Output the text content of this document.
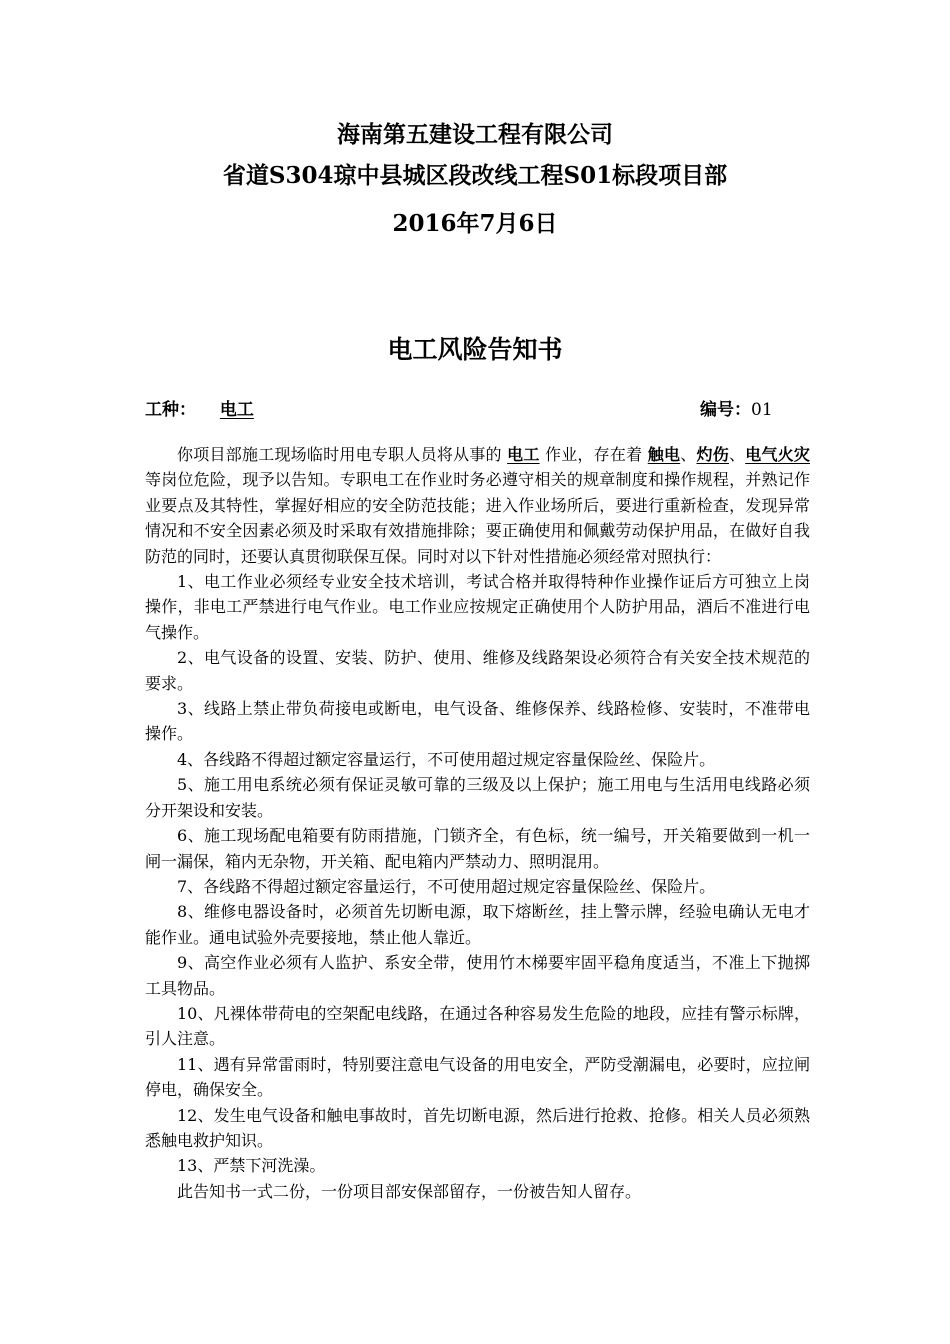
海南第五建设工程有限公司
省道S304琼中县城区段改线工程S01标段项目部
2016年7月6日
电工风险告知书
工种： 电工	编号：01

你项目部施工现场临时用电专职人员将从事的 电工 作业，存在着 触电、灼伤、电气火灾 等岗位危险，现予以告知。专职电工在作业时务必遵守相关的规章制度和操作规程，并熟记作业要点及其特性，掌握好相应的安全防范技能；进入作业场所后，要进行重新检查，发现异常情况和不安全因素必须及时采取有效措施排除；要正确使用和佩戴劳动保护用品，在做好自我防范的同时，还要认真贯彻联保互保。同时对以下针对性措施必须经常对照执行：

1、电工作业必须经专业安全技术培训，考试合格并取得特种作业操作证后方可独立上岗操作，非电工严禁进行电气作业。电工作业应按规定正确使用个人防护用品，酒后不准进行电气操作。

2、电气设备的设置、安装、防护、使用、维修及线路架设必须符合有关安全技术规范的要求。

3、线路上禁止带负荷接电或断电，电气设备、维修保养、线路检修、安装时，不准带电操作。

4、各线路不得超过额定容量运行，不可使用超过规定容量保险丝、保险片。

5、施工用电系统必须有保证灵敏可靠的三级及以上保护；施工用电与生活用电线路必须分开架设和安装。

6、施工现场配电箱要有防雨措施，门锁齐全，有色标，统一编号，开关箱要做到一机一闸一漏保，箱内无杂物，开关箱、配电箱内严禁动力、照明混用。

7、各线路不得超过额定容量运行，不可使用超过规定容量保险丝、保险片。

8、维修电器设备时，必须首先切断电源，取下熔断丝，挂上警示牌，经验电确认无电才能作业。通电试验外壳要接地，禁止他人靠近。

9、高空作业必须有人监护、系安全带，使用竹木梯要牢固平稳角度适当，不准上下抛掷工具物品。

10、凡裸体带荷电的空架配电线路，在通过各种容易发生危险的地段，应挂有警示标牌，引人注意。

11、遇有异常雷雨时，特别要注意电气设备的用电安全，严防受潮漏电，必要时，应拉闸停电，确保安全。

12、发生电气设备和触电事故时，首先切断电源，然后进行抢救、抢修。相关人员必须熟悉触电救护知识。

13、严禁下河洗澡。

此告知书一式二份，一份项目部安保部留存，一份被告知人留存。
